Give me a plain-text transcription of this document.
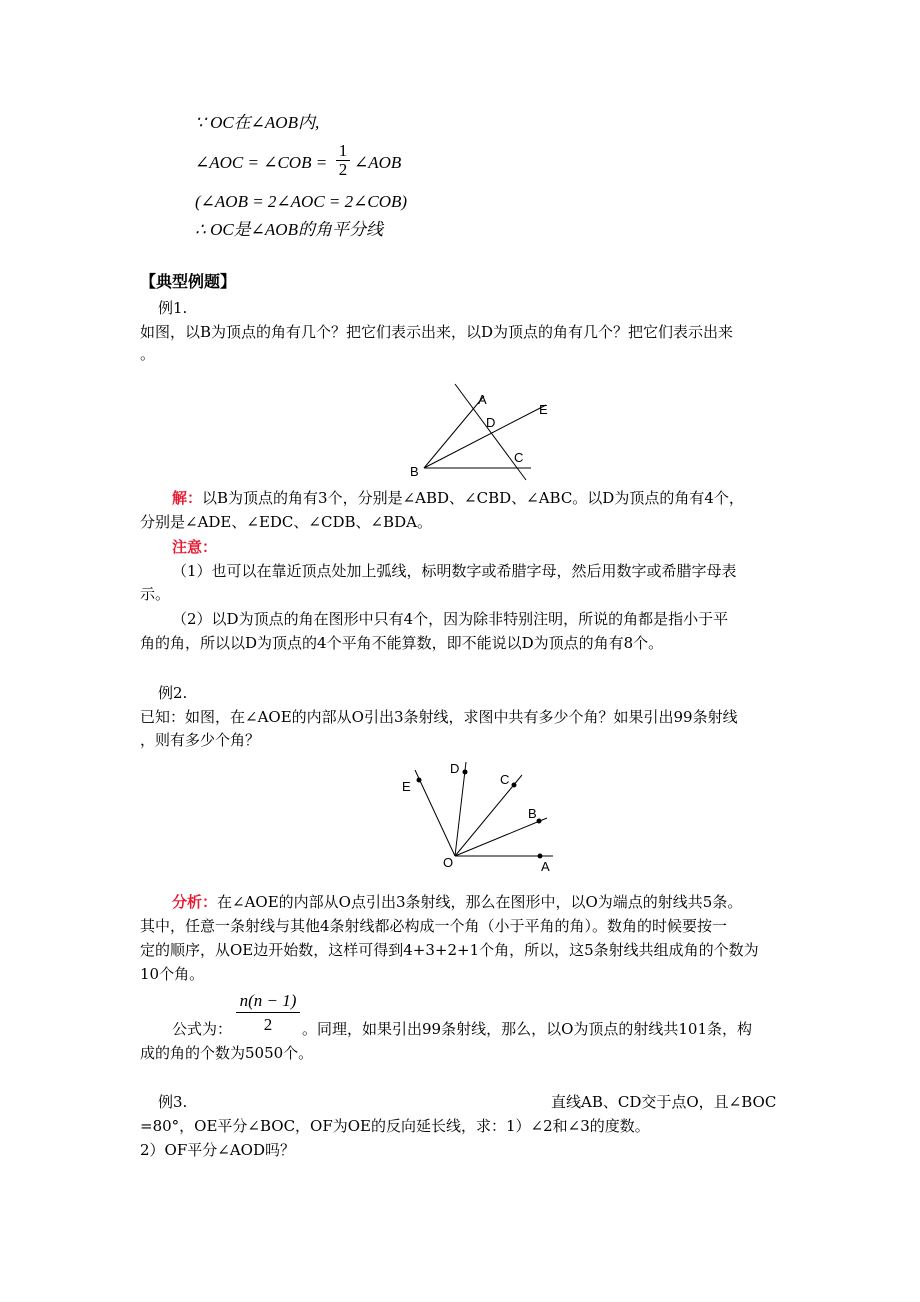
∵ OC在∠AOB内,
∠AOC = ∠COB = $\frac{1}{2}$ ∠AOB
(∠AOB = 2∠AOC = 2∠COB)
∴ OC是∠AOB的角平分线
【典型例题】
例1.
如图，以B为顶点的角有几个？把它们表示出来，以D为顶点的角有几个？把它们表示出来
。
A
D
E
B
C
解：以B为顶点的角有3个，分别是∠ABD、∠CBD、∠ABC。以D为顶点的角有4个，
分别是∠ADE、∠EDC、∠CDB、∠BDA。
注意：
（1）也可以在靠近顶点处加上弧线，标明数字或希腊字母，然后用数字或希腊字母表
示。
（2）以D为顶点的角在图形中只有4个，因为除非特别注明，所说的角都是指小于平
角的角，所以以D为顶点的4个平角不能算数，即不能说以D为顶点的角有8个。
例2.
已知：如图，在∠AOE的内部从O引出3条射线，求图中共有多少个角？如果引出99条射线
，则有多少个角？
E
D
C
B
O	A
分析：在∠AOE的内部从O点引出3条射线，那么在图形中，以O为端点的射线共5条。
其中，任意一条射线与其他4条射线都必构成一个角（小于平角的角）。数角的时候要按一
定的顺序，从OE边开始数，这样可得到4+3+2+1个角，所以，这5条射线共组成角的个数为
10个角。
$\frac{n(n - 1)}{2}$
公式为：	。同理，如果引出99条射线，那么，以O为顶点的射线共101条，构
成的角的个数为5050个。
例3.	直线AB、CD交于点O，且∠BOC
=80°，OE平分∠BOC，OF为OE的反向延长线，求：1）∠2和∠3的度数。
2）OF平分∠AOD吗？
